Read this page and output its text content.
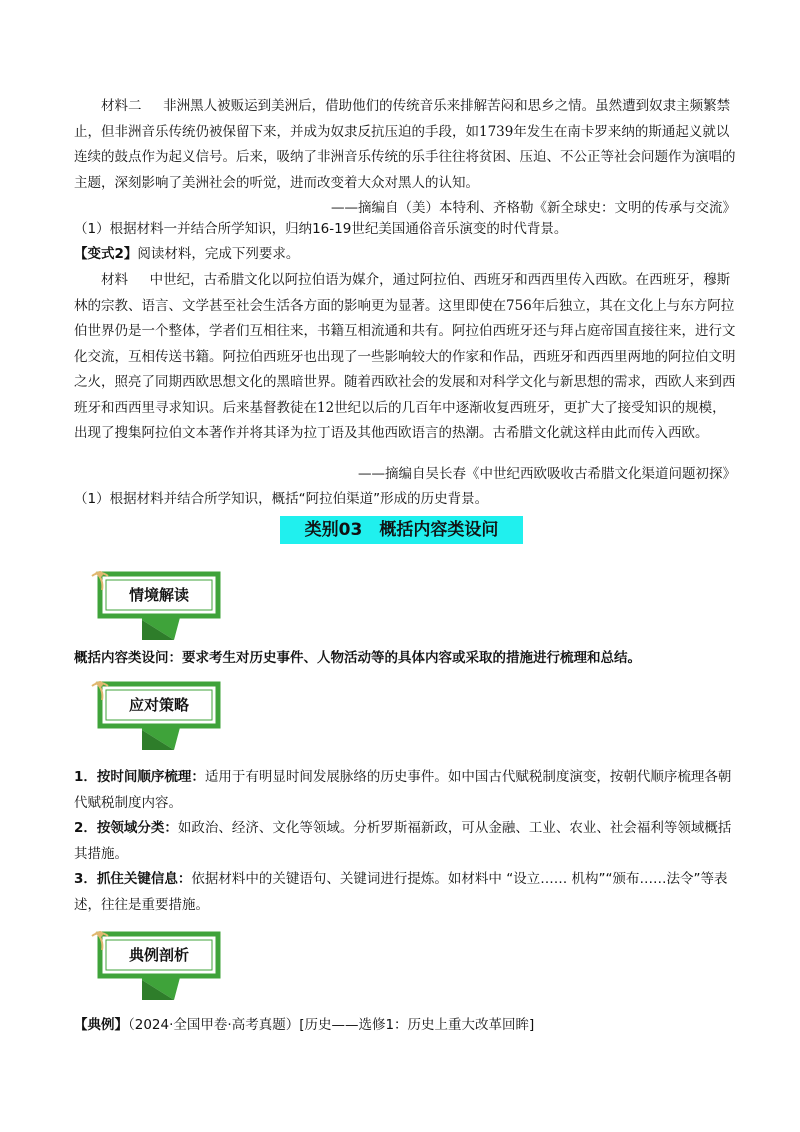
材料二 非洲黑人被贩运到美洲后，借助他们的传统音乐来排解苦闷和思乡之情。虽然遭到奴隶主频繁禁止，但非洲音乐传统仍被保留下来，并成为奴隶反抗压迫的手段，如1739年发生在南卡罗来纳的斯通起义就以连续的鼓点作为起义信号。后来，吸纳了非洲音乐传统的乐手往往将贫困、压迫、不公正等社会问题作为演唱的主题，深刻影响了美洲社会的听觉，进而改变着大众对黑人的认知。

——摘编自（美）本特利、齐格勒《新全球史：文明的传承与交流》

（1）根据材料一并结合所学知识，归纳16-19世纪美国通俗音乐演变的时代背景。

【变式2】阅读材料，完成下列要求。

材料 中世纪，古希腊文化以阿拉伯语为媒介，通过阿拉伯、西班牙和西西里传入西欧。在西班牙，穆斯林的宗教、语言、文学甚至社会生活各方面的影响更为显著。这里即使在756年后独立，其在文化上与东方阿拉伯世界仍是一个整体，学者们互相往来，书籍互相流通和共有。阿拉伯西班牙还与拜占庭帝国直接往来，进行文化交流，互相传送书籍。阿拉伯西班牙也出现了一些影响较大的作家和作品，西班牙和西西里两地的阿拉伯文明之火，照亮了同期西欧思想文化的黑暗世界。随着西欧社会的发展和对科学文化与新思想的需求，西欧人来到西班牙和西西里寻求知识。后来基督教徒在12世纪以后的几百年中逐渐收复西班牙，更扩大了接受知识的规模，出现了搜集阿拉伯文本著作并将其译为拉丁语及其他西欧语言的热潮。古希腊文化就这样由此而传入西欧。

——摘编自吴长春《中世纪西欧吸收古希腊文化渠道问题初探》

（1）根据材料并结合所学知识，概括“阿拉伯渠道”形成的历史背景。

类别03　概括内容类设问
情境解读

概括内容类设问：要求考生对历史事件、人物活动等的具体内容或采取的措施进行梳理和总结。

应对策略

1．按时间顺序梳理：适用于有明显时间发展脉络的历史事件。如中国古代赋税制度演变，按朝代顺序梳理各朝代赋税制度内容。

2．按领域分类：如政治、经济、文化等领域。分析罗斯福新政，可从金融、工业、农业、社会福利等领域概括其措施。

3．抓住关键信息：依据材料中的关键语句、关键词进行提炼。如材料中 “设立…… 机构”“颁布……法令”等表述，往往是重要措施。

典例剖析

【典例】（2024·全国甲卷·高考真题）[历史——选修1：历史上重大改革回眸]
